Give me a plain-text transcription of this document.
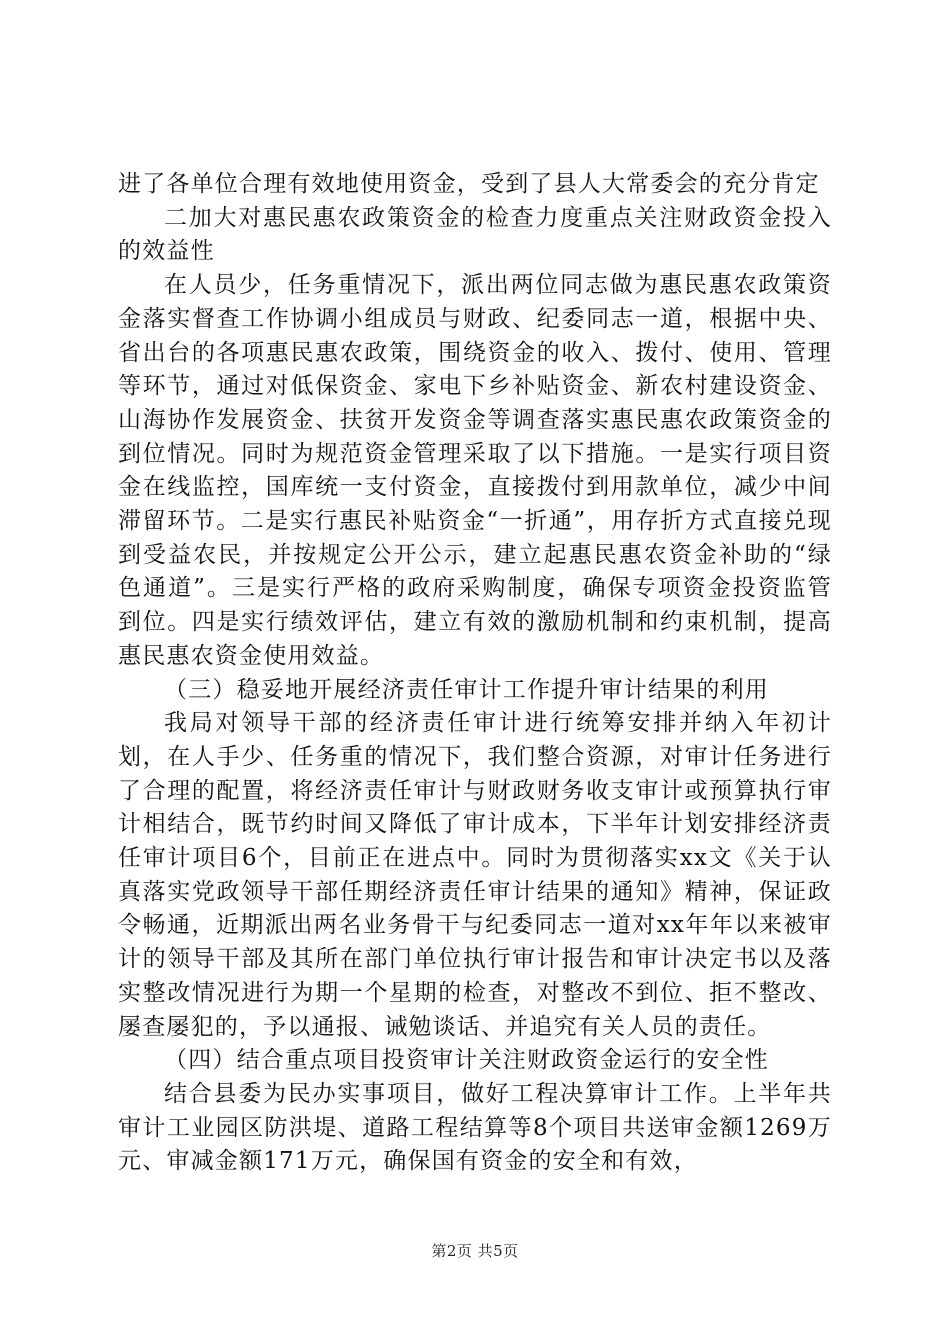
进了各单位合理有效地使用资金，受到了县人大常委会的充分肯定

二加大对惠民惠农政策资金的检查力度重点关注财政资金投入的效益性

在人员少，任务重情况下，派出两位同志做为惠民惠农政策资金落实督查工作协调小组成员与财政、纪委同志一道，根据中央、省出台的各项惠民惠农政策，围绕资金的收入、拨付、使用、管理等环节，通过对低保资金、家电下乡补贴资金、新农村建设资金、山海协作发展资金、扶贫开发资金等调查落实惠民惠农政策资金的到位情况。同时为规范资金管理采取了以下措施。一是实行项目资金在线监控，国库统一支付资金，直接拨付到用款单位，减少中间滞留环节。二是实行惠民补贴资金“一折通”，用存折方式直接兑现到受益农民，并按规定公开公示，建立起惠民惠农资金补助的“绿色通道”。三是实行严格的政府采购制度，确保专项资金投资监管到位。四是实行绩效评估，建立有效的激励机制和约束机制，提高惠民惠农资金使用效益。

（三）稳妥地开展经济责任审计工作提升审计结果的利用

我局对领导干部的经济责任审计进行统筹安排并纳入年初计划，在人手少、任务重的情况下，我们整合资源，对审计任务进行了合理的配置，将经济责任审计与财政财务收支审计或预算执行审计相结合，既节约时间又降低了审计成本，下半年计划安排经济责任审计项目6个，目前正在进点中。同时为贯彻落实xx文《关于认真落实党政领导干部任期经济责任审计结果的通知》精神，保证政令畅通，近期派出两名业务骨干与纪委同志一道对xx年年以来被审计的领导干部及其所在部门单位执行审计报告和审计决定书以及落实整改情况进行为期一个星期的检查，对整改不到位、拒不整改、屡查屡犯的，予以通报、诫勉谈话、并追究有关人员的责任。

（四）结合重点项目投资审计关注财政资金运行的安全性

结合县委为民办实事项目，做好工程决算审计工作。上半年共审计工业园区防洪堤、道路工程结算等8个项目共送审金额1269万元、审减金额171万元，确保国有资金的安全和有效，

第2页 共5页
